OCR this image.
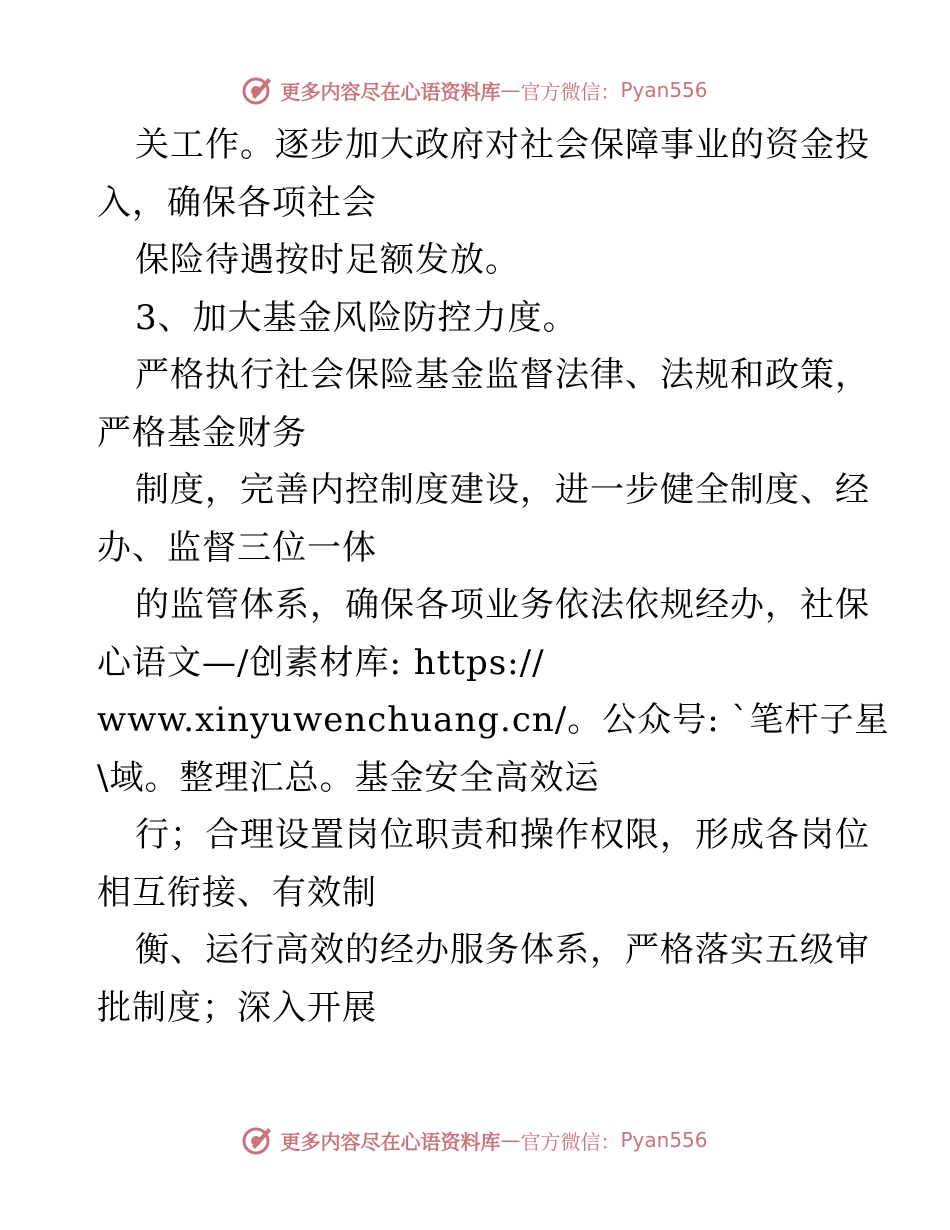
更多内容尽在心语资料库 — 官方微信： Pyan556
关工作。逐步加大政府对社会保障事业的资金投
入，确保各项社会
保险待遇按时足额发放。
3、加大基金风险防控力度。
严格执行社会保险基金监督法律、法规和政策，
严格基金财务
制度，完善内控制度建设，进一步健全制度、经
办、监督三位一体
的监管体系，确保各项业务依法依规经办，社保
心语文—/创素材库: https://
www.xinyuwenchuang.cn/。公众号: `笔杆子星
\域。整理汇总。基金安全高效运
行；合理设置岗位职责和操作权限，形成各岗位
相互衔接、有效制
衡、运行高效的经办服务体系，严格落实五级审
批制度；深入开展
更多内容尽在心语资料库 — 官方微信： Pyan556
